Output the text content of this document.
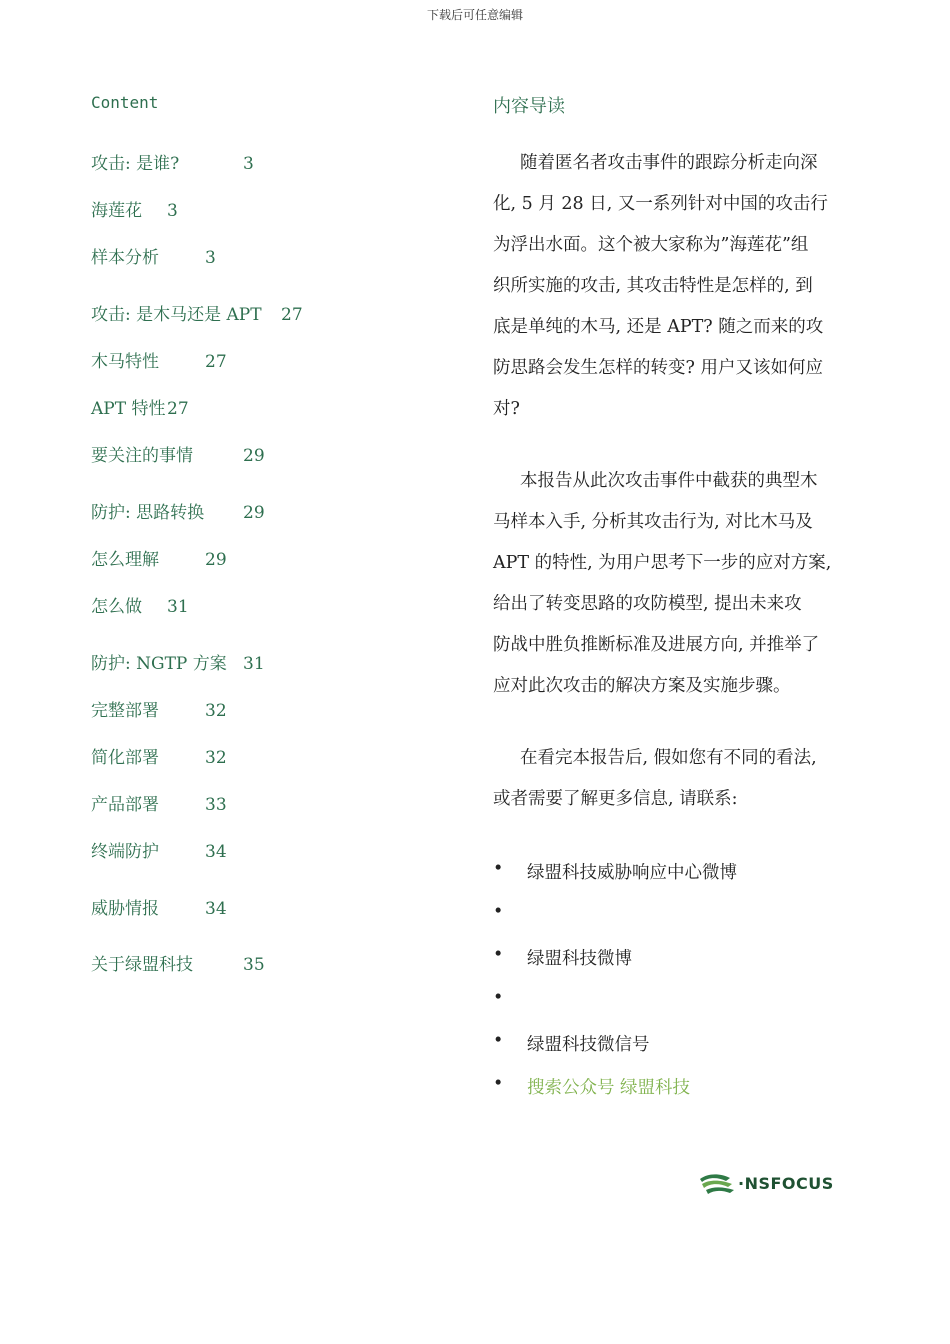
下载后可任意编辑
Content
攻击: 是谁?	3
海莲花 3
样本分析	3
攻击: 是木马还是 APT 27
木马特性	27
APT 特性 27
要关注的事情	29
防护: 思路转换 29
怎么理解	29
怎么做 31
防护: NGTP 方案 31
完整部署	32
简化部署	32
产品部署	33
终端防护	34
威胁情报	34
关于绿盟科技	35
内容导读
随着匿名者攻击事件的跟踪分析走向深
化, 5 月 28 日, 又一系列针对中国的攻击行
为浮出水面。这个被大家称为”海莲花”组
织所实施的攻击, 其攻击特性是怎样的, 到
底是单纯的木马, 还是 APT? 随之而来的攻
防思路会发生怎样的转变? 用户又该如何应
对?
本报告从此次攻击事件中截获的典型木
马样本入手, 分析其攻击行为, 对比木马及
APT 的特性, 为用户思考下一步的应对方案,
给出了转变思路的攻防模型, 提出未来攻
防战中胜负推断标准及进展方向, 并推举了
应对此次攻击的解决方案及实施步骤。
在看完本报告后, 假如您有不同的看法,
或者需要了解更多信息, 请联系:
• 绿盟科技威胁响应中心微博
•
• 绿盟科技微博
•
• 绿盟科技微信号
• 搜索公众号 绿盟科技
·NSFOCUS
